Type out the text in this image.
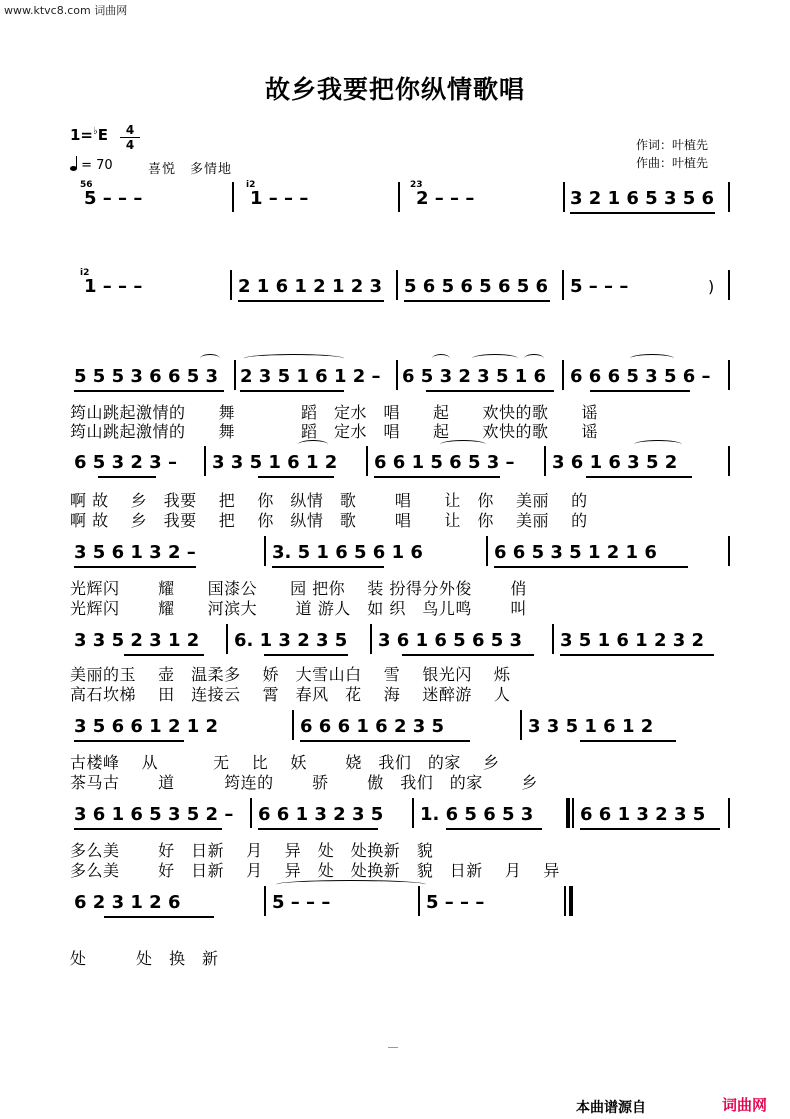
www.ktvc8.com 词曲网
故乡我要把你纵情歌唱
1=♭E	4
4
= 70	喜悦　多情地
作词：叶植先
作曲：叶植先
56
5 – – –
i2
1 – – –
23
2 – – –	3 2 1 6 5 3 5 6
i2
1 – – –	2 1 6 1 2 1 2 3 5 6 5 6 5 6 5 6 5 – – –	)
5 5 5 3 6 6 5 3 2 3 5 1 6 1 2 – 6 5 3 2 3 5 1 6 6 6 6 5 3 5 6 –
筠山跳起激情的　　舞　　　　蹈　定水　唱　　起　　欢快的歌　　谣
筠山跳起激情的　　舞　　　　蹈　定水　唱　　起　　欢快的歌　　谣
6 5 3 2 3 – 3 3 5 1 6 1 2 6 6 1 5 6 5 3 – 3 6 1 6 3 5 2
啊 故　 乡　我要　 把　 你　纵情　歌　　 唱　　让　你　 美丽　 的
啊 故　 乡　我要　 把　 你　纵情　歌　　 唱　　让　你　 美丽　 的
3 5 6 1 3 2 –	3. 5 1 6 5 6 1 6	6 6 5 3 5 1 2 1 6
光辉闪　　 耀　　国漆公　　园 把你　 装 扮得分外俊　　 俏
光辉闪　　 耀　　河滨大　　 道 游人　如 织　鸟儿鸣　　 叫
3 3 5 2 3 1 2 6. 1 3 2 3 5 3 6 1 6 5 6 5 3 3 5 1 6 1 2 3 2
美丽的玉　 壶　温柔多　 娇　大雪山白　 雪　 银光闪　 烁
高石坎梯　 田　连接云　 霄　春风　花　 海　 迷醉游　 人
3 5 6 6 1 2 1 2	6 6 6 1 6 2 3 5	3 3 5 1 6 1 2
古楼峰　 从　　　 无　 比　 妖　　 娆　我们　的家　 乡
茶马古　　 道　　　筠连的　　 骄　　 傲　我们　的家　　 乡
3 6 1 6 5 3 5 2 – 6 6 1 3 2 3 5 1. 6 5 6 5 3	6 6 1 3 2 3 5
多么美　　 好　日新　 月　 异　处　处换新　貌
多么美　　 好　日新　 月　 异　处　处换新　貌　日新　 月　 异
6 2 3 1 2 6	5 – – –	5 – – –
处　　　处　换　新
本曲谱源自	词曲网
